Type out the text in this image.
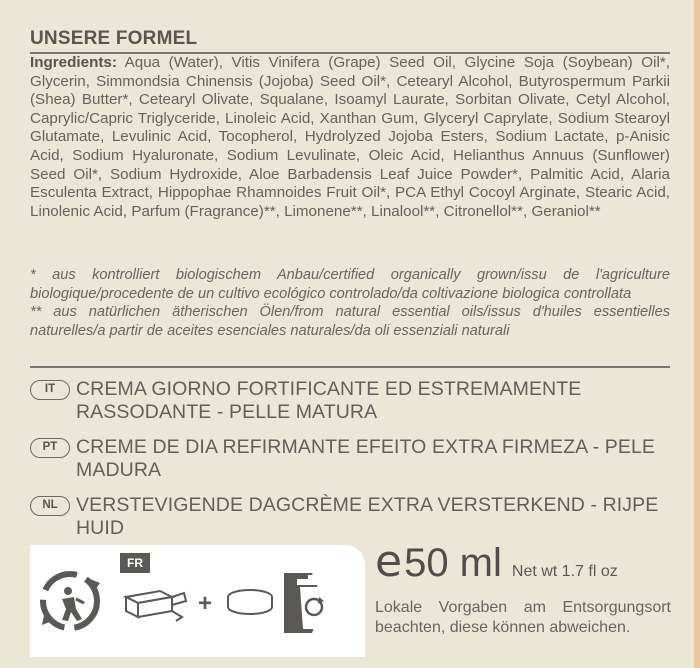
UNSERE FORMEL
Ingredients: Aqua (Water), Vitis Vinifera (Grape) Seed Oil, Glycine Soja (Soybean) Oil*, Glycerin, Simmondsia Chinensis (Jojoba) Seed Oil*, Cetearyl Alcohol, Butyrospermum Parkii (Shea) Butter*, Cetearyl Olivate, Squalane, Isoamyl Laurate, Sorbitan Olivate, Cetyl Alcohol, Caprylic/Capric Triglyceride, Linoleic Acid, Xanthan Gum, Glyceryl Caprylate, Sodium Stearoyl Glutamate, Levulinic Acid, Tocopherol, Hydrolyzed Jojoba Esters, Sodium Lactate, p-Anisic Acid, Sodium Hyaluronate, Sodium Levulinate, Oleic Acid, Helianthus Annuus (Sunflower) Seed Oil*, Sodium Hydroxide, Aloe Barbadensis Leaf Juice Powder*, Palmitic Acid, Alaria Esculenta Extract, Hippophae Rhamnoides Fruit Oil*, PCA Ethyl Cocoyl Arginate, Stearic Acid, Linolenic Acid, Parfum (Fragrance)**, Limonene**, Linalool**, Citronellol**, Geraniol**
* aus kontrolliert biologischem Anbau/certified organically grown/issu de l'agriculture biologique/procedente de un cultivo ecológico controlado/da coltivazione biologica controllata
** aus natürlichen ätherischen Ölen/from natural essential oils/issus d'huiles essentielles naturelles/a partir de aceites esenciales naturales/da oli essenziali naturali
IT	CREMA GIORNO FORTIFICANTE ED ESTREMAMENTE RASSODANTE - PELLE MATURA
PT CREME DE DIA REFIRMANTE EFEITO EXTRA FIRMEZA - PELE MADURA
NL VERSTEVIGENDE DAGCRÈME EXTRA VERSTERKEND - RIJPE HUID
+
FR	e 50 ml Net wt 1.7 fl oz
Lokale Vorgaben am Entsorgungsort beachten, diese können abweichen.
